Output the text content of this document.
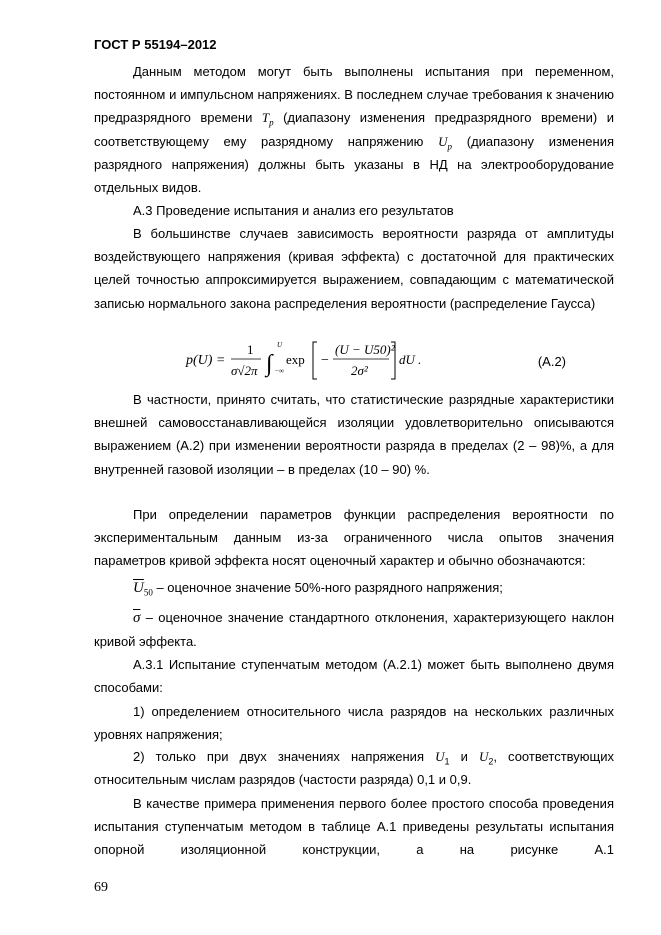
ГОСТ Р 55194–2012

Данным методом могут быть выполнены испытания при переменном, постоянном и импульсном напряжениях. В последнем случае требования к значению предразрядного времени $T_p$ (диапазону изменения предразрядного времени) и соответствующему ему разрядному напряжению $U_p$ (диапазону изменения разрядного напряжения) должны быть указаны в НД на электрооборудование отдельных видов.

А.3 Проведение испытания и анализ его результатов

В большинстве случаев зависимость вероятности разряда от амплитуды воздействующего напряжения (кривая эффекта) с достаточной для практических целей точностью аппроксимируется выражением, совпадающим с математической записью нормального закона распределения вероятности (распределение Гаусса)

p(U) =
1
σ√2π ∫
U
−∞
exp −
(U − U50)²
2σ²
dU .	(А.2)

В частности, принято считать, что статистические разрядные характеристики внешней самовосстанавливающейся изоляции удовлетворительно описываются выражением (А.2) при изменении вероятности разряда в пределах (2 – 98)%, а для внутренней газовой изоляции – в пределах (10 – 90) %.

При определении параметров функции распределения вероятности по экспериментальным данным из-за ограниченного числа опытов значения параметров кривой эффекта носят оценочный характер и обычно обозначаются:

$\overline{U}_{50}$ – оценочное значение 50%-ного разрядного напряжения;

$\overline{\sigma}$ – оценочное значение стандартного отклонения, характеризующего наклон кривой эффекта.

А.3.1 Испытание ступенчатым методом (А.2.1) может быть выполнено двумя способами:

1) определением относительного числа разрядов на нескольких различных уровнях напряжения;

2) только при двух значениях напряжения $U_1$ и $U_2$, соответствующих относительным числам разрядов (частости разряда) 0,1 и 0,9.

В качестве примера применения первого более простого способа проведения испытания ступенчатым методом в таблице А.1 приведены результаты испытания опорной изоляционной конструкции, а на рисунке А.1

69
